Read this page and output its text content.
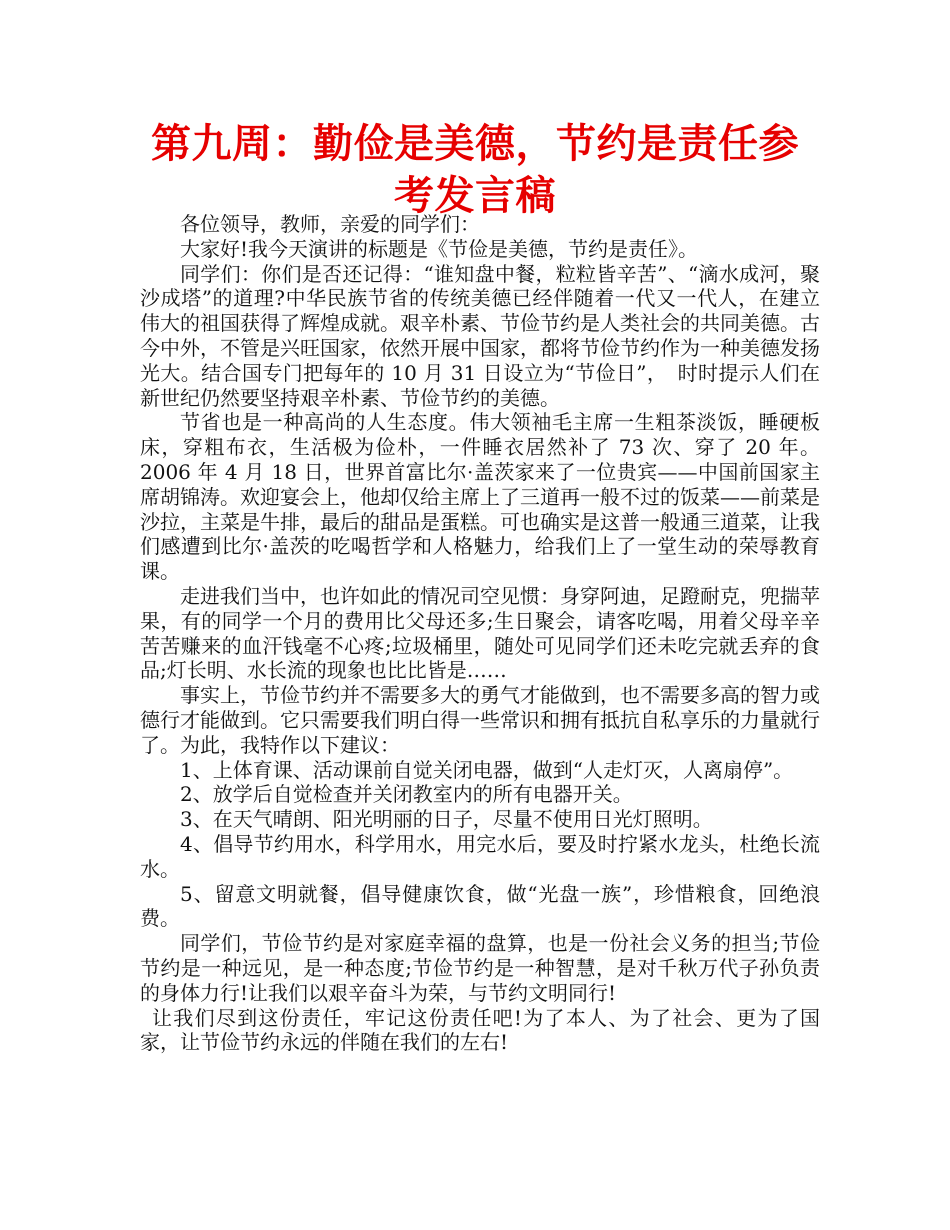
第九周：勤俭是美德，节约是责任参考发言稿

各位领导，教师，亲爱的同学们：

大家好!我今天演讲的标题是《节俭是美德，节约是责任》。

同学们：你们是否还记得：“谁知盘中餐，粒粒皆辛苦”、“滴水成河，聚沙成塔”的道理?中华民族节省的传统美德已经伴随着一代又一代人，在建立伟大的祖国获得了辉煌成就。艰辛朴素、节俭节约是人类社会的共同美德。古今中外，不管是兴旺国家，依然开展中国家，都将节俭节约作为一种美德发扬光大。结合国专门把每年的 10 月 31 日设立为“节俭日”，　时时提示人们在新世纪仍然要坚持艰辛朴素、节俭节约的美德。

节省也是一种高尚的人生态度。伟大领袖毛主席一生粗茶淡饭，睡硬板床，穿粗布衣，生活极为俭朴，一件睡衣居然补了 73 次、穿了 20 年。2006 年 4 月 18 日，世界首富比尔·盖茨家来了一位贵宾——中国前国家主席胡锦涛。欢迎宴会上，他却仅给主席上了三道再一般不过的饭菜——前菜是沙拉，主菜是牛排，最后的甜品是蛋糕。可也确实是这普一般通三道菜，让我们感遭到比尔·盖茨的吃喝哲学和人格魅力，给我们上了一堂生动的荣辱教育课。

走进我们当中，也许如此的情况司空见惯：身穿阿迪，足蹬耐克，兜揣苹果，有的同学一个月的费用比父母还多;生日聚会，请客吃喝，用着父母辛辛苦苦赚来的血汗钱毫不心疼;垃圾桶里，随处可见同学们还未吃完就丢弃的食品;灯长明、水长流的现象也比比皆是……

事实上，节俭节约并不需要多大的勇气才能做到，也不需要多高的智力或德行才能做到。它只需要我们明白得一些常识和拥有抵抗自私享乐的力量就行了。为此，我特作以下建议：

1、上体育课、活动课前自觉关闭电器，做到“人走灯灭，人离扇停”。

2、放学后自觉检查并关闭教室内的所有电器开关。

3、在天气晴朗、阳光明丽的日子，尽量不使用日光灯照明。

4、倡导节约用水，科学用水，用完水后，要及时拧紧水龙头，杜绝长流水。

5、留意文明就餐，倡导健康饮食，做“光盘一族”，珍惜粮食，回绝浪费。

同学们，节俭节约是对家庭幸福的盘算，也是一份社会义务的担当;节俭节约是一种远见，是一种态度;节俭节约是一种智慧，是对千秋万代子孙负责的身体力行!让我们以艰辛奋斗为荣，与节约文明同行!

让我们尽到这份责任，牢记这份责任吧!为了本人、为了社会、更为了国家，让节俭节约永远的伴随在我们的左右!
